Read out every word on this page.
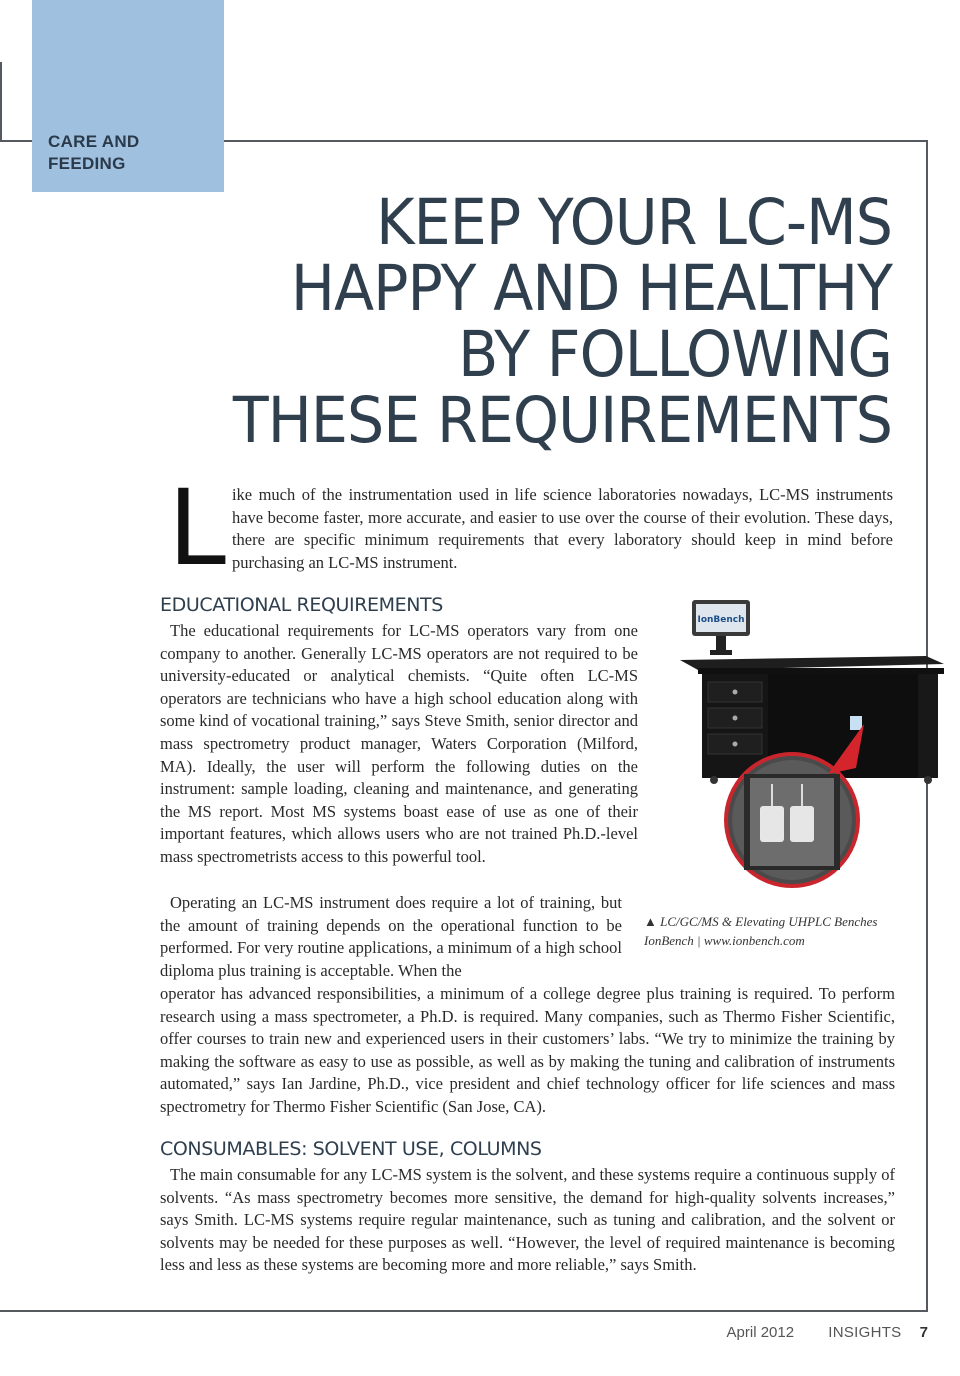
CARE AND
FEEDING
KEEP YOUR LC-MS
HAPPY AND HEALTHY
BY FOLLOWING
THESE REQUIREMENTS
L ike much of the instrumentation used in life science laboratories nowadays, LC-MS instruments have become faster, more accurate, and easier to use over the course of their evolution. These days, there are specific minimum requirements that every laboratory should keep in mind before purchasing an LC-MS instrument.

EDUCATIONAL REQUIREMENTS

The educational requirements for LC-MS operators vary from one company to another. Generally LC-MS operators are not required to be university-educated or analytical chemists. “Quite often LC-MS operators are technicians who have a high school education along with some kind of vocational training,” says Steve Smith, senior director and mass spectrometry product manager, Waters Corporation (Milford, MA). Ideally, the user will perform the following duties on the instrument: sample loading, cleaning and maintenance, and generating the MS report. Most MS systems boast ease of use as one of their important features, which allows users who are not trained Ph.D.-level mass spectrometrists access to this powerful tool.

Operating an LC-MS instrument does require a lot of training, but the amount of training depends on the operational function to be performed. For very routine applications, a minimum of a high school diploma plus training is acceptable. When the

operator has advanced responsibilities, a minimum of a college degree plus training is required. To perform research using a mass spectrometer, a Ph.D. is required. Many companies, such as Thermo Fisher Scientific, offer courses to train new and experienced users in their customers’ labs. “We try to minimize the training by making the software as easy to use as possible, as well as by making the tuning and calibration of instruments automated,” says Ian Jardine, Ph.D., vice president and chief technology officer for life sciences and mass spectrometry for Thermo Fisher Scientific (San Jose, CA).

IonBench
▲ LC/GC/MS & Elevating UHPLC Benches
IonBench | www.ionbench.com
CONSUMABLES: SOLVENT USE, COLUMNS

The main consumable for any LC-MS system is the solvent, and these systems require a continuous supply of solvents. “As mass spectrometry becomes more sensitive, the demand for high-quality solvents increases,” says Smith. LC-MS systems require regular maintenance, such as tuning and calibration, and the solvent or solvents may be needed for these purposes as well. “However, the level of required maintenance is becoming less and less as these systems are becoming more and more reliable,” says Smith.

April 2012 INSIGHTS 7
